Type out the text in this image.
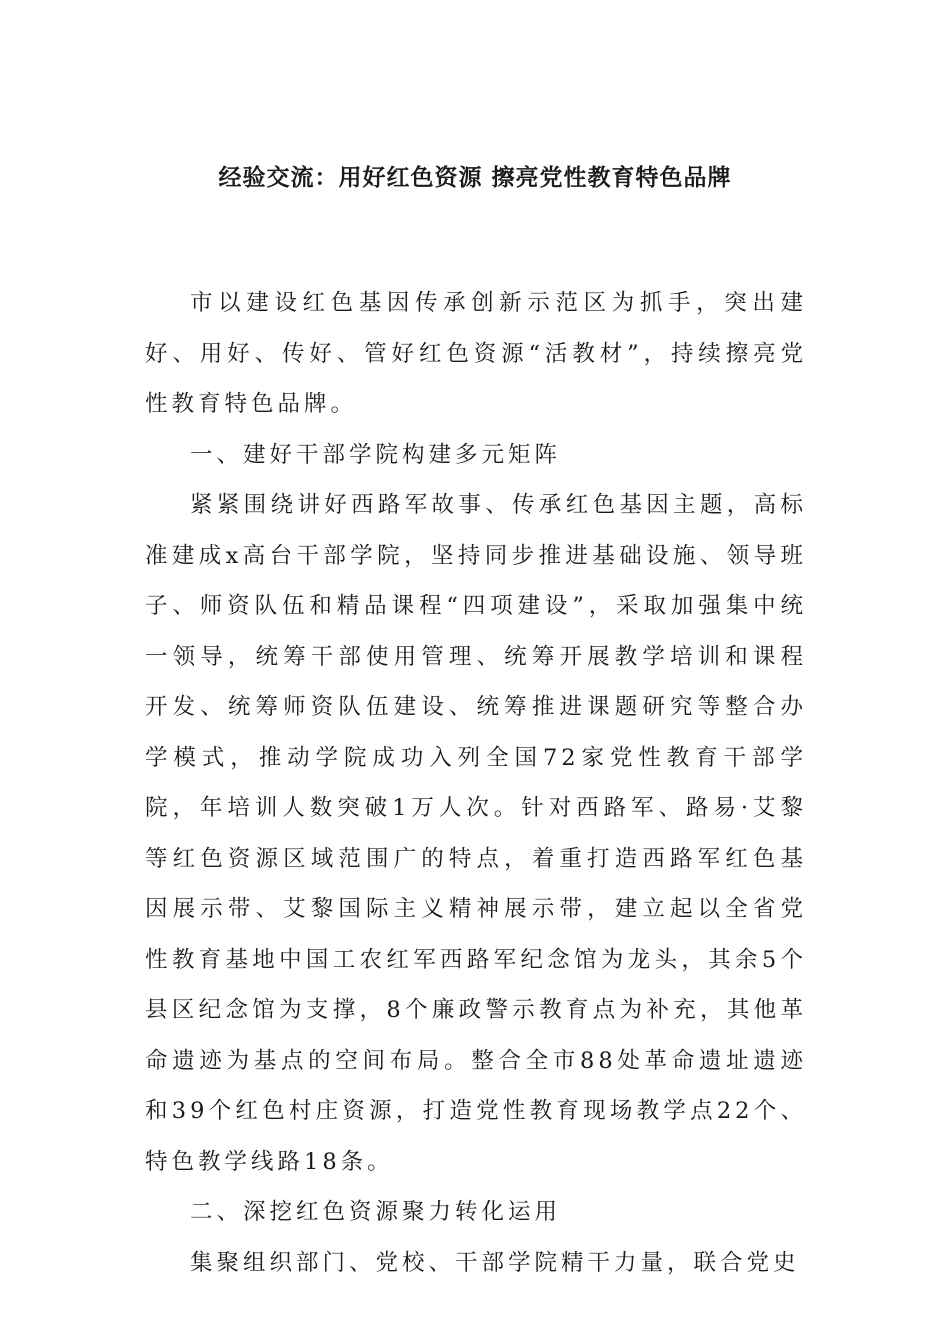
经验交流：用好红色资源 擦亮党性教育特色品牌

市以建设红色基因传承创新示范区为抓手，突出建好、用好、传好、管好红色资源“活教材”，持续擦亮党性教育特色品牌。

一、建好干部学院构建多元矩阵

紧紧围绕讲好西路军故事、传承红色基因主题，高标准建成x高台干部学院，坚持同步推进基础设施、领导班子、师资队伍和精品课程“四项建设”，采取加强集中统一领导，统筹干部使用管理、统筹开展教学培训和课程开发、统筹师资队伍建设、统筹推进课题研究等整合办学模式，推动学院成功入列全国72家党性教育干部学院，年培训人数突破1万人次。针对西路军、路易·艾黎等红色资源区域范围广的特点，着重打造西路军红色基因展示带、艾黎国际主义精神展示带，建立起以全省党性教育基地中国工农红军西路军纪念馆为龙头，其余5个县区纪念馆为支撑，8个廉政警示教育点为补充，其他革命遗迹为基点的空间布局。整合全市88处革命遗址遗迹和39个红色村庄资源，打造党性教育现场教学点22个、特色教学线路18条。

二、深挖红色资源聚力转化运用

集聚组织部门、党校、干部学院精干力量，联合党史
